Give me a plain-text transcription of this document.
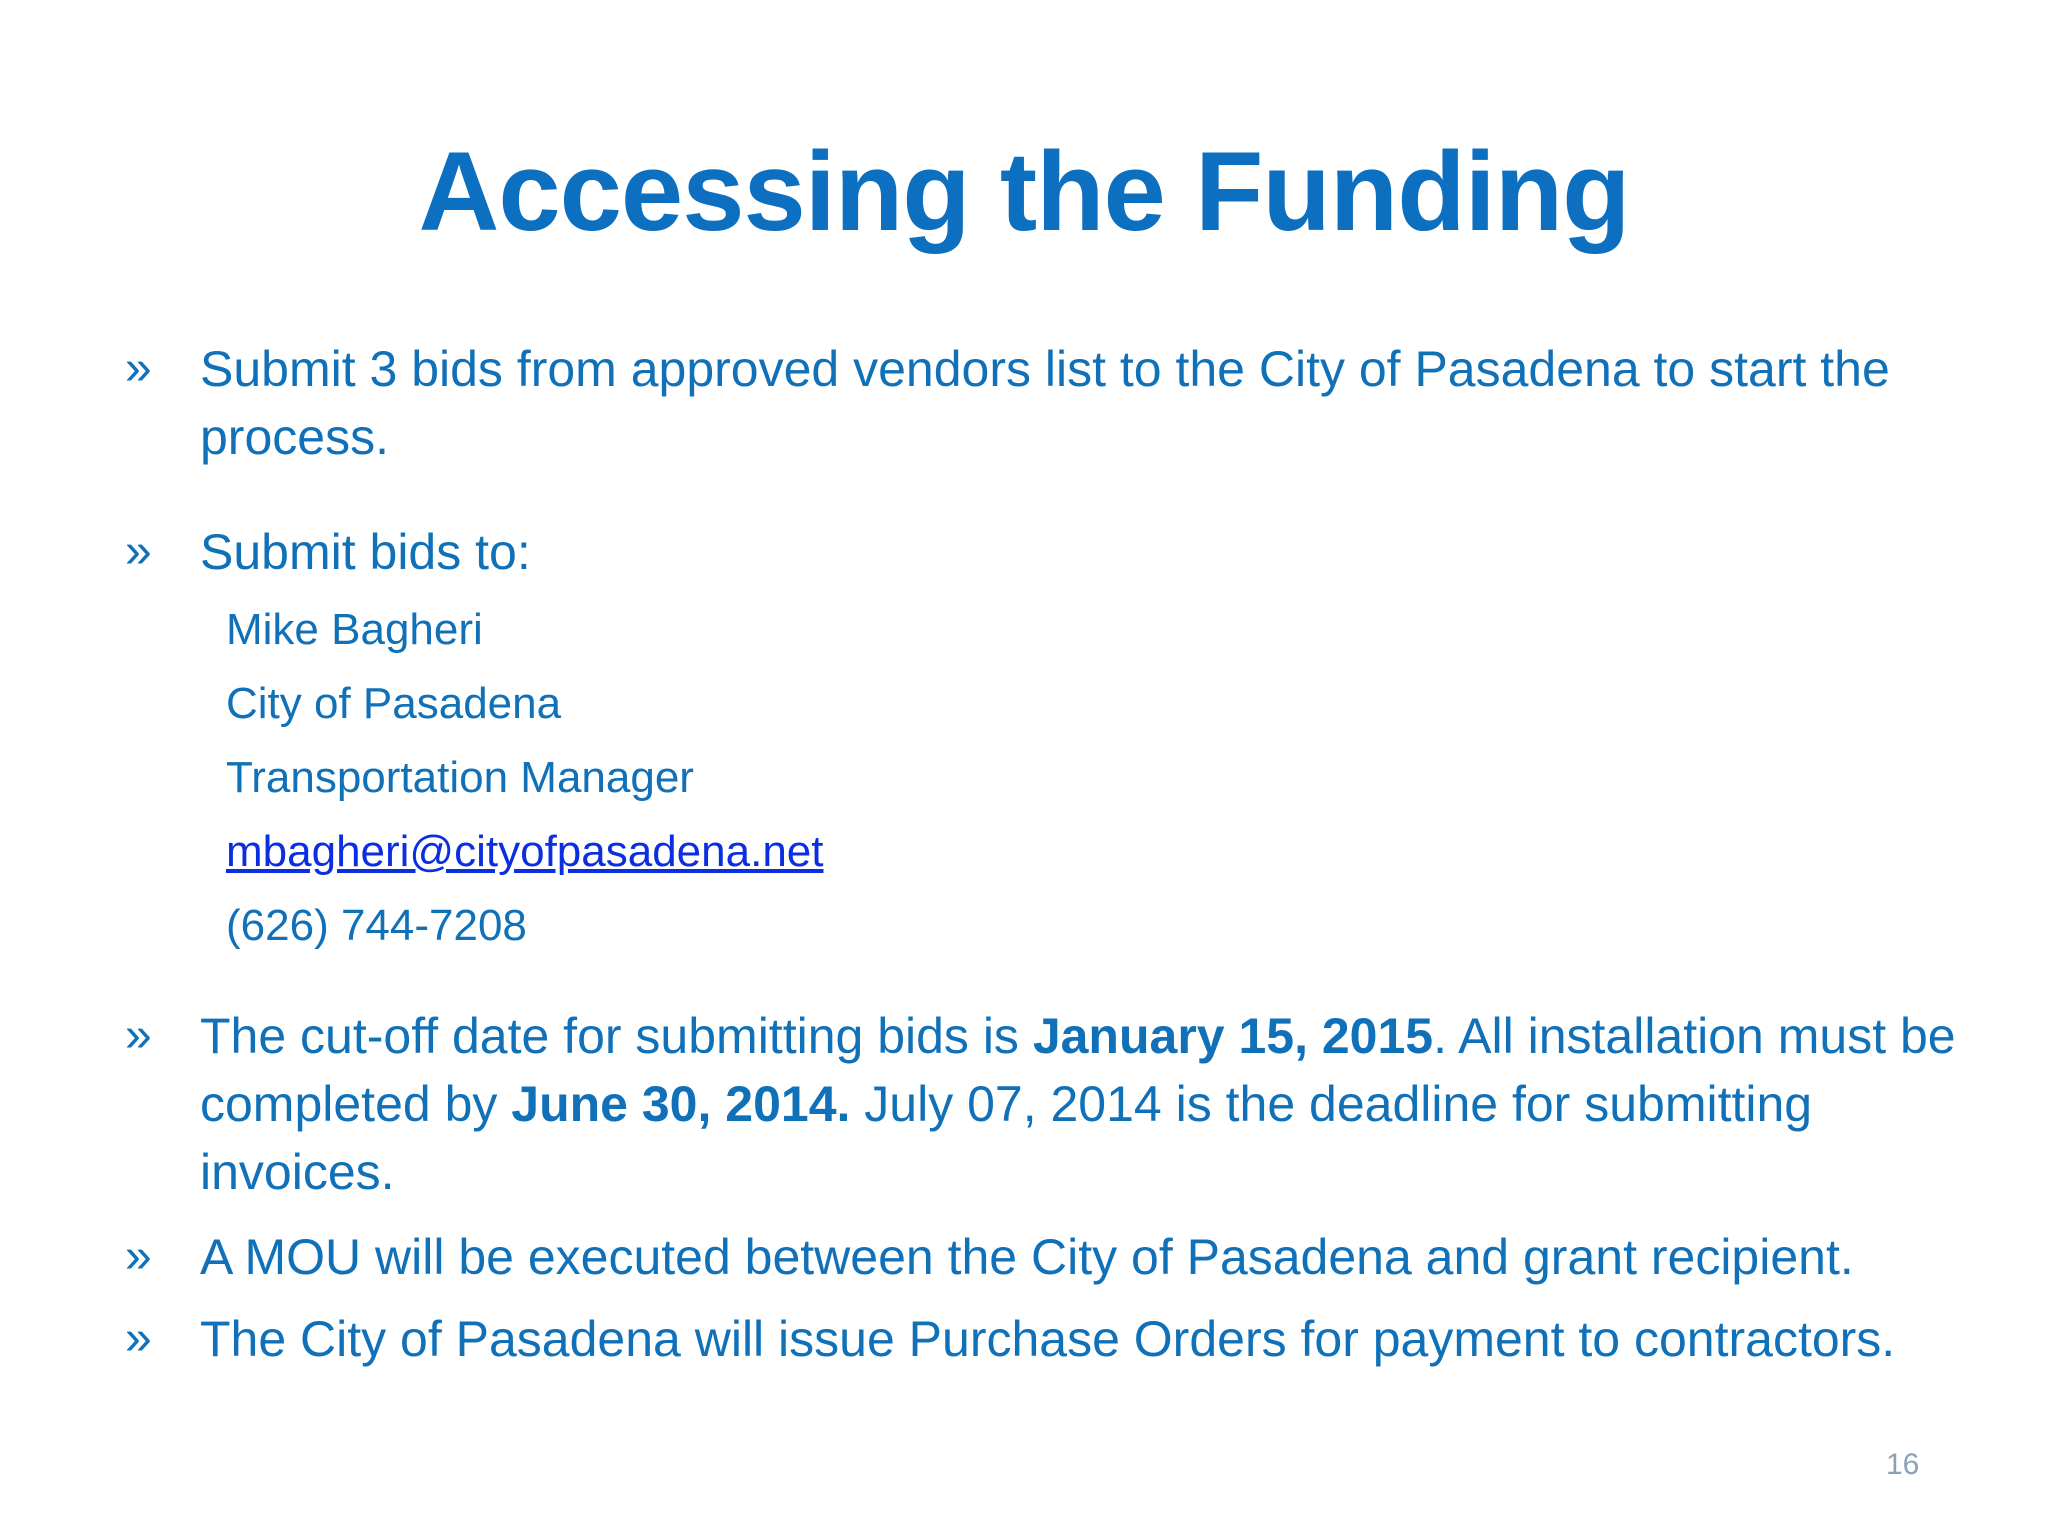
Accessing the Funding
» Submit 3 bids from approved vendors list to the City of Pasadena to start the process.
» Submit bids to:
Mike Bagheri
City of Pasadena
Transportation Manager
mbagheri@cityofpasadena.net
(626) 744-7208
» The cut-off date for submitting bids is January 15, 2015. All installation must be completed by June 30, 2014. July 07, 2014 is the deadline for submitting invoices.
» A MOU will be executed between the City of Pasadena and grant recipient.
» The City of Pasadena will issue Purchase Orders for payment to contractors.
16
